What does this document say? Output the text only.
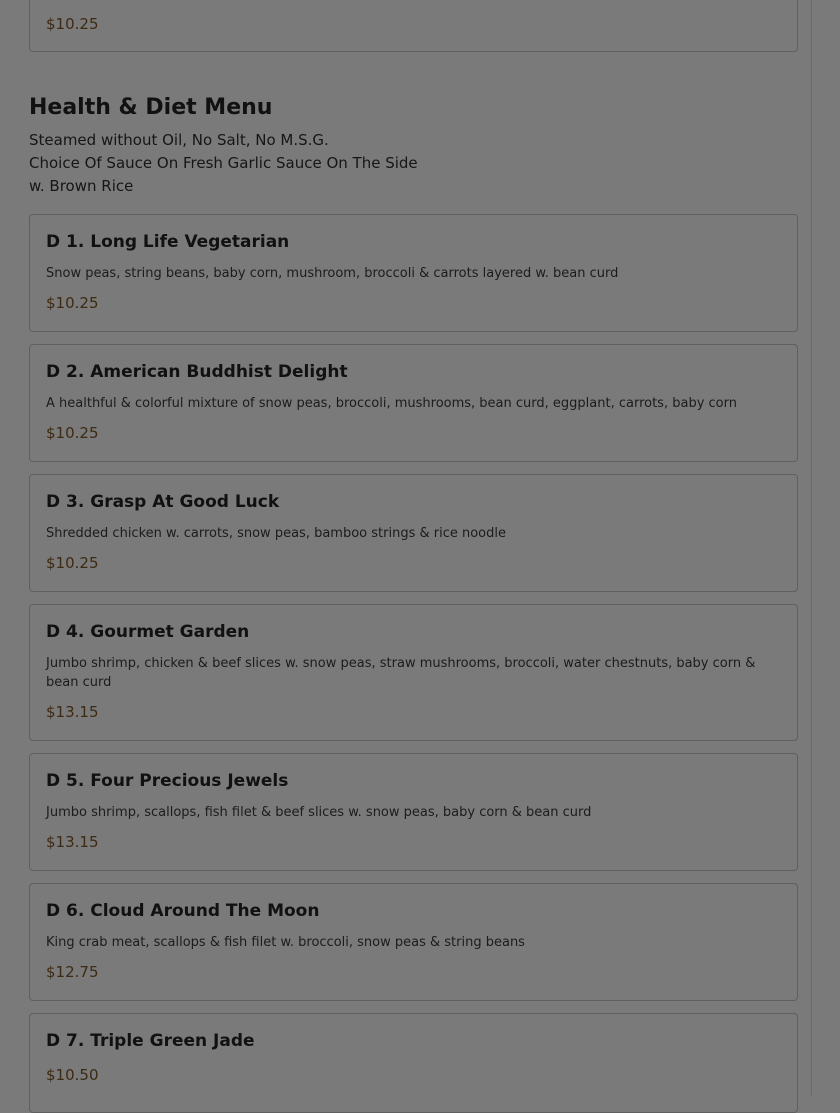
$10.25

Health & Diet Menu

Steamed without Oil, No Salt, No M.S.G.

Choice Of Sauce On Fresh Garlic Sauce On The Side

w. Brown Rice

D 1. Long Life Vegetarian

Snow peas, string beans, baby corn, mushroom, broccoli & carrots layered w. bean curd

$10.25

D 2. American Buddhist Delight

A healthful & colorful mixture of snow peas, broccoli, mushrooms, bean curd, eggplant, carrots, baby corn

$10.25

D 3. Grasp At Good Luck

Shredded chicken w. carrots, snow peas, bamboo strings & rice noodle

$10.25

D 4. Gourmet Garden

Jumbo shrimp, chicken & beef slices w. snow peas, straw mushrooms, broccoli, water chestnuts, baby corn & bean curd

$13.15

D 5. Four Precious Jewels

Jumbo shrimp, scallops, fish filet & beef slices w. snow peas, baby corn & bean curd

$13.15

D 6. Cloud Around The Moon

King crab meat, scallops & fish filet w. broccoli, snow peas & string beans

$12.75

D 7. Triple Green Jade

$10.50
